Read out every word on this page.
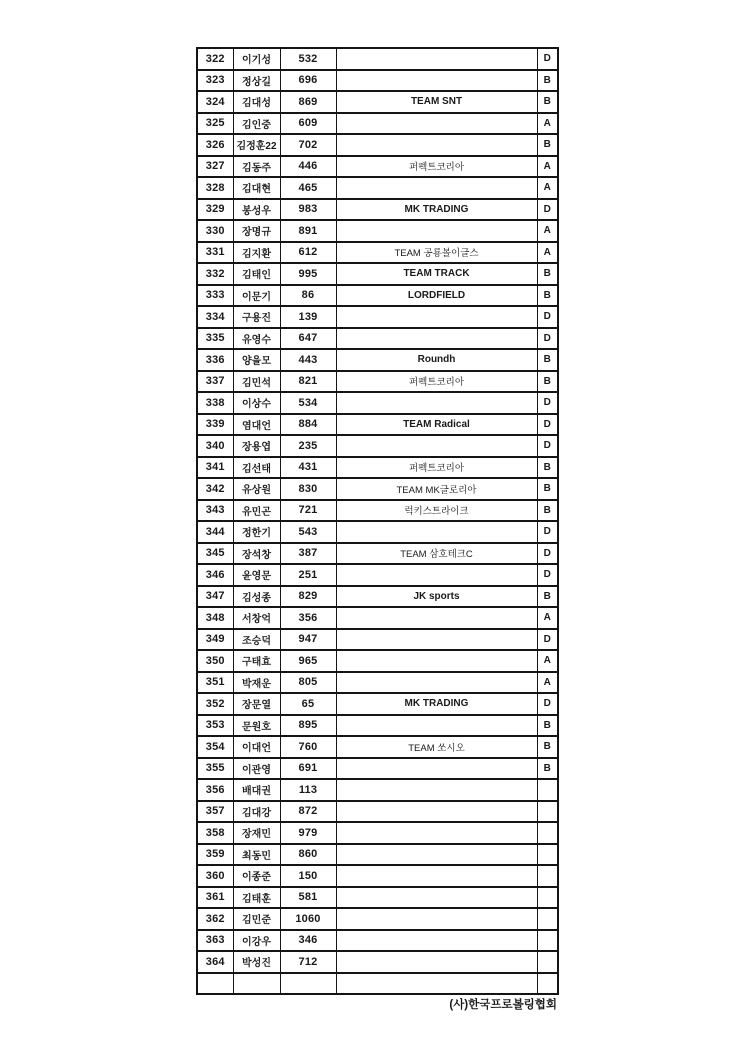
322	이기성	532		D
323	정상길	696		B
324	김대성	869	TEAM SNT	B
325	김인중	609		A
326	김정훈22	702		B
327	김동주	446	퍼펙트코리아	A
328	김대현	465		A
329	봉성우	983	MK TRADING	D
330	장명규	891		A
331	김지환	612	TEAM 공룡볼이글스	A
332	김태인	995	TEAM TRACK	B
333	이문기	86	LORDFIELD	B
334	구용진	139		D
335	유영수	647		D
336	양을모	443	Roundh	B
337	김민석	821	퍼펙트코리아	B
338	이상수	534		D
339	염대언	884	TEAM Radical	D
340	장용엽	235		D
341	김선태	431	퍼펙트코리아	B
342	유상원	830	TEAM MK글로리아	B
343	유민곤	721	럭키스트라이크	B
344	정한기	543		D
345	장석창	387	TEAM 삼호테크C	D
346	윤영문	251		D
347	김성종	829	JK sports	B
348	서창억	356		A
349	조승덕	947		D
350	구태효	965		A
351	박재운	805		A
352	장문열	65	MK TRADING	D
353	문원호	895		B
354	이대언	760	TEAM 쏘시오	B
355	이관영	691		B
356	배대권	113		
357	김대강	872		
358	장재민	979		
359	최동민	860		
360	이종준	150		
361	김태훈	581		
362	김민준	1060		
363	이강우	346		
364	박성진	712		

(사)한국프로볼링협회
